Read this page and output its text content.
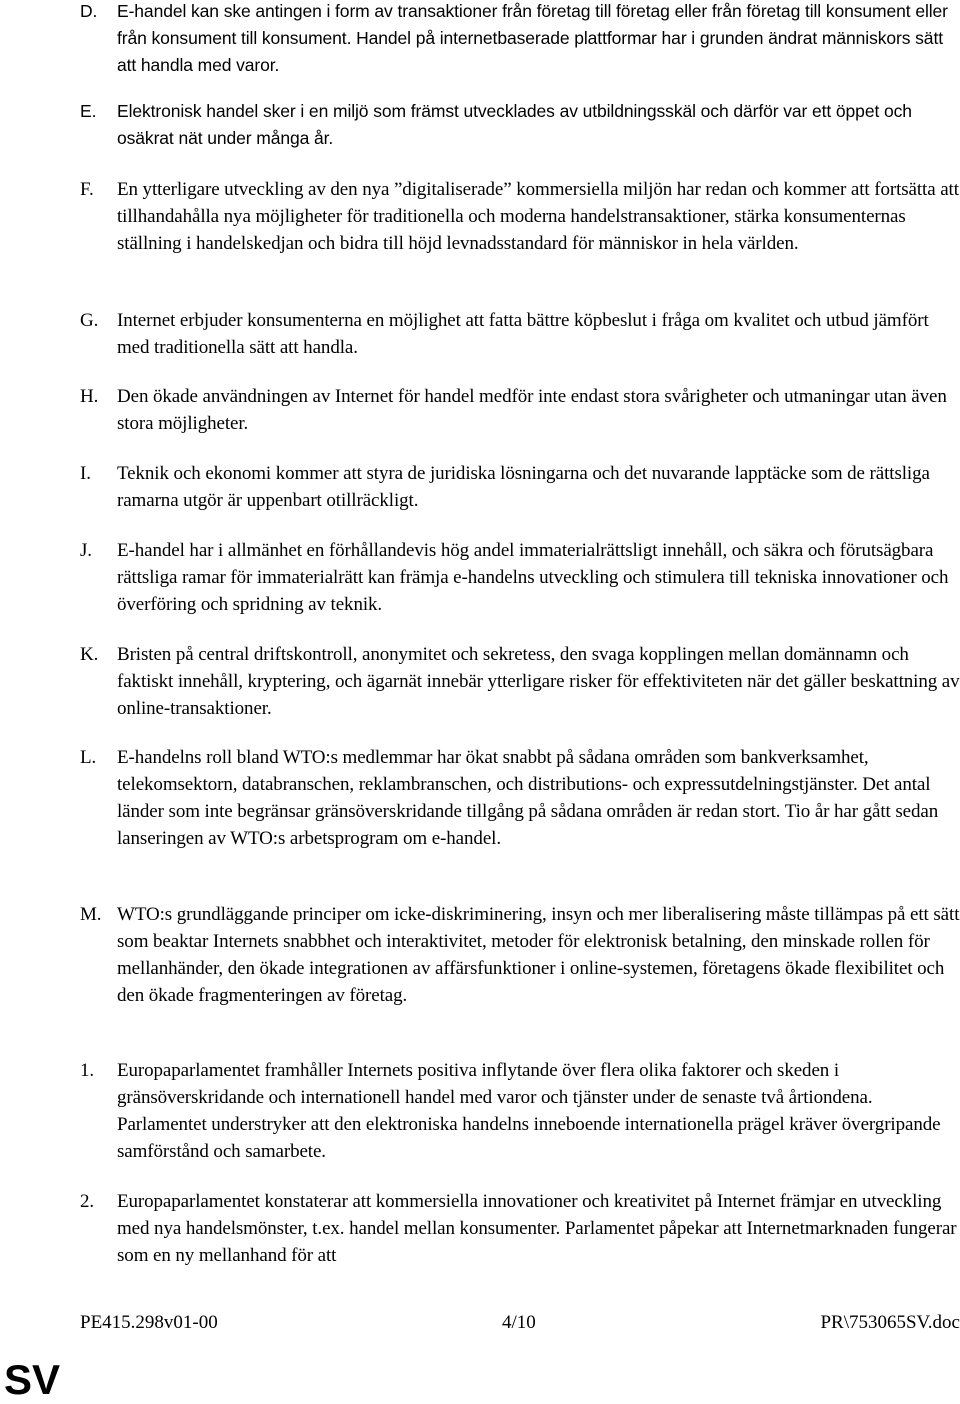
D.	E-handel kan ske antingen i form av transaktioner från företag till företag eller från företag till konsument eller från konsument till konsument. Handel på internetbaserade plattformar har i grunden ändrat människors sätt att handla med varor.
E.	Elektronisk handel sker i en miljö som främst utvecklades av utbildningsskäl och därför var ett öppet och osäkrat nät under många år.
F.	En ytterligare utveckling av den nya ”digitaliserade” kommersiella miljön har redan och kommer att fortsätta att tillhandahålla nya möjligheter för traditionella och moderna handelstransaktioner, stärka konsumenternas ställning i handelskedjan och bidra till höjd levnadsstandard för människor in hela världen.
G. Internet erbjuder konsumenterna en möjlighet att fatta bättre köpbeslut i fråga om kvalitet och utbud jämfört med traditionella sätt att handla.
H. Den ökade användningen av Internet för handel medför inte endast stora svårigheter och utmaningar utan även stora möjligheter.
I.	Teknik och ekonomi kommer att styra de juridiska lösningarna och det nuvarande lapptäcke som de rättsliga ramarna utgör är uppenbart otillräckligt.
J.	E-handel har i allmänhet en förhållandevis hög andel immaterialrättsligt innehåll, och säkra och förutsägbara rättsliga ramar för immaterialrätt kan främja e-handelns utveckling och stimulera till tekniska innovationer och överföring och spridning av teknik.
K. Bristen på central driftskontroll, anonymitet och sekretess, den svaga kopplingen mellan domännamn och faktiskt innehåll, kryptering, och ägarnät innebär ytterligare risker för effektiviteten när det gäller beskattning av online-transaktioner.
L.	E-handelns roll bland WTO:s medlemmar har ökat snabbt på sådana områden som bankverksamhet, telekomsektorn, databranschen, reklambranschen, och distributions- och expressutdelningstjänster. Det antal länder som inte begränsar gränsöverskridande tillgång på sådana områden är redan stort. Tio år har gått sedan lanseringen av WTO:s arbetsprogram om e-handel.
M. WTO:s grundläggande principer om icke-diskriminering, insyn och mer liberalisering måste tillämpas på ett sätt som beaktar Internets snabbhet och interaktivitet, metoder för elektronisk betalning, den minskade rollen för mellanhänder, den ökade integrationen av affärsfunktioner i online-systemen, företagens ökade flexibilitet och den ökade fragmenteringen av företag.
1.	Europaparlamentet framhåller Internets positiva inflytande över flera olika faktorer och skeden i gränsöverskridande och internationell handel med varor och tjänster under de senaste två årtiondena. Parlamentet understryker att den elektroniska handelns inneboende internationella prägel kräver övergripande samförstånd och samarbete.
2.	Europaparlamentet konstaterar att kommersiella innovationer och kreativitet på Internet främjar en utveckling med nya handelsmönster, t.ex. handel mellan konsumenter. Parlamentet påpekar att Internetmarknaden fungerar som en ny mellanhand för att
PE415.298v01-00	4/10	PR\753065SV.doc
SV
